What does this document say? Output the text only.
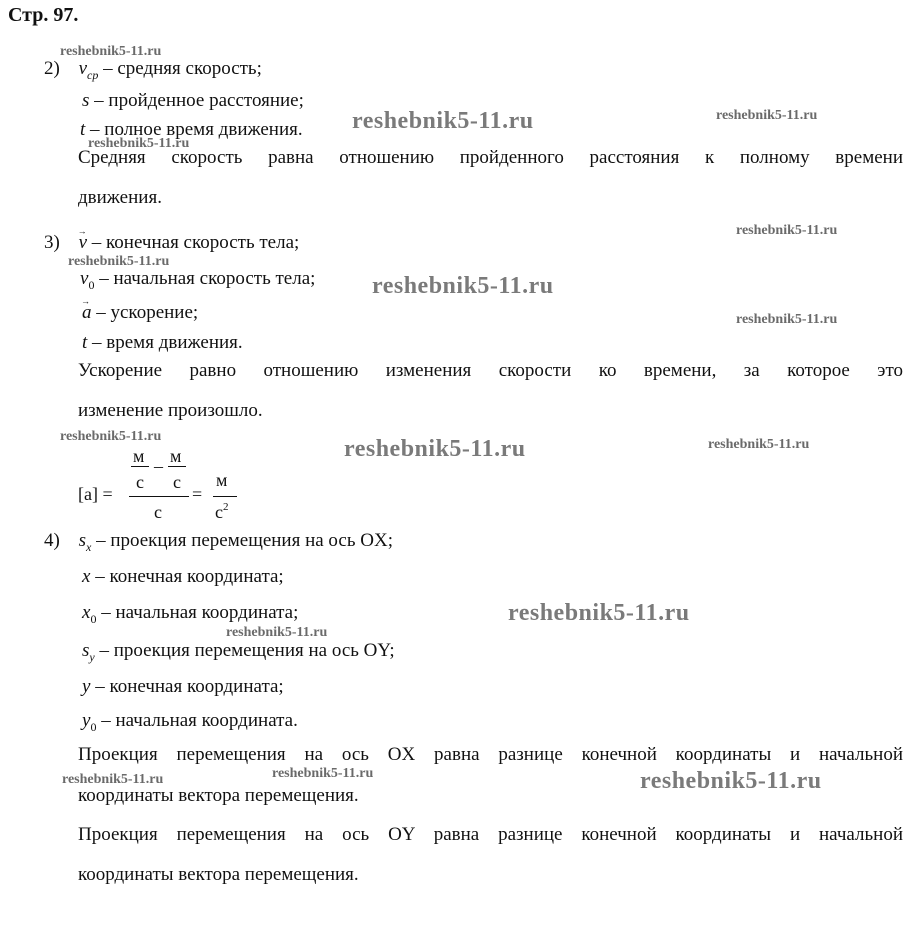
Стр. 97.
2) $v_{ср}$ – средняя скорость;
s – пройденное расстояние;
t – полное время движения.
Средняя скорость равна отношению пройденного расстояния к полному времени
движения.
3) → v – конечная скорость тела;
$v_0$ – начальная скорость тела;
→ a – ускорение;
t – время движения.
Ускорение равно отношению изменения скорости ко времени, за которое это
изменение произошло.
[a] =
м
с
– м
с
с
=
м
$с^2$
4) $s_x$ – проекция перемещения на ось OX;
x – конечная координата;
$x_0$ – начальная координата;
$s_y$ – проекция перемещения на ось OY;
y – конечная координата;
$y_0$ – начальная координата.
Проекция перемещения на ось OX равна разнице конечной координаты и начальной
координаты вектора перемещения.
Проекция перемещения на ось OY равна разнице конечной координаты и начальной
координаты вектора перемещения.
reshebnik5-11.ru
reshebnik5-11.ru	reshebnik5-11.ru
reshebnik5-11.ru
reshebnik5-11.ru
reshebnik5-11.ru
reshebnik5-11.ru
reshebnik5-11.ru
reshebnik5-11.ru	reshebnik5-11.ru	reshebnik5-11.ru
reshebnik5-11.ru
reshebnik5-11.ru
reshebnik5-11.ru
reshebnik5-11.ru	reshebnik5-11.ru
